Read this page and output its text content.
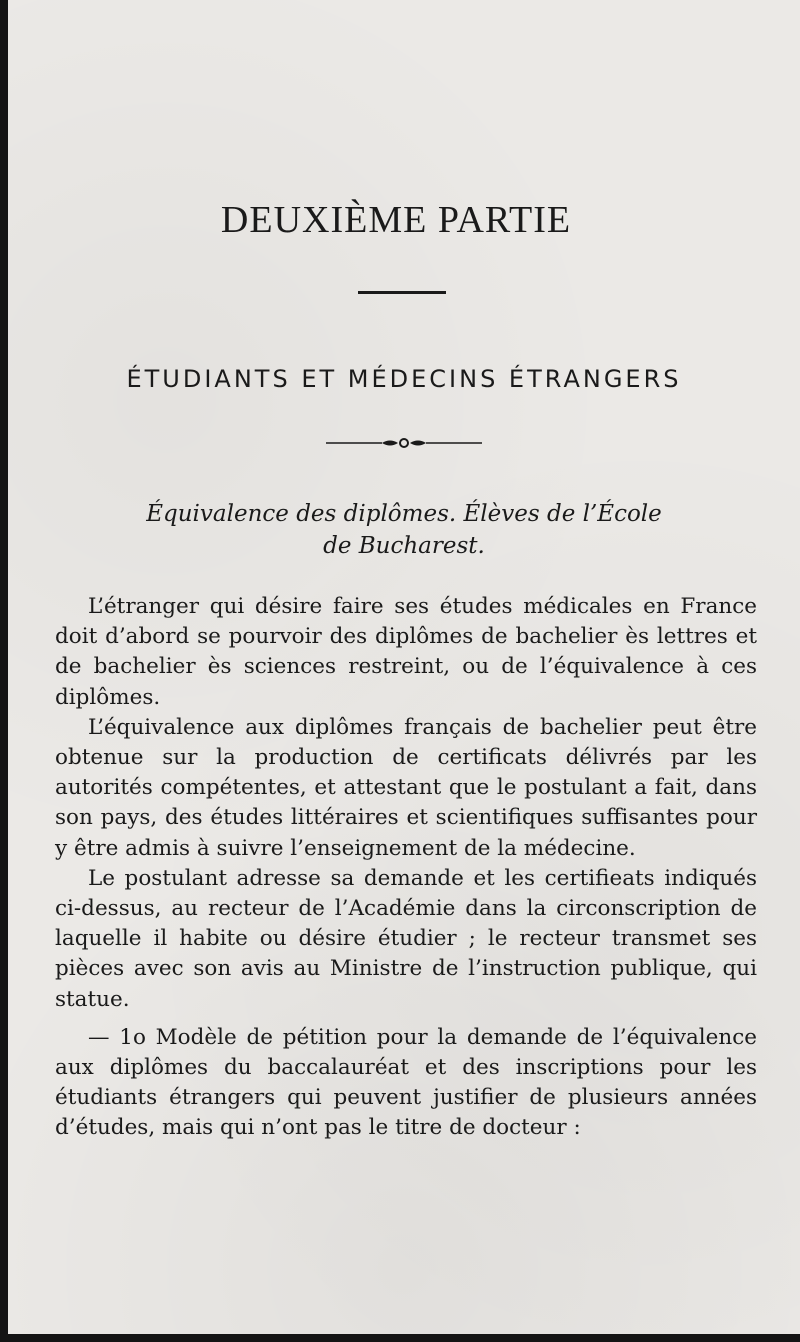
DEUXIÈME PARTIE
ÉTUDIANTS ET MÉDECINS ÉTRANGERS
Équivalence des diplômes. Élèves de l’École
de Bucharest.

L’étranger qui désire faire ses études médicales en France doit d’abord se pourvoir des diplômes de bachelier ès lettres et de bachelier ès sciences restreint, ou de l’équivalence à ces diplômes.

L’équivalence aux diplômes français de bachelier peut être obtenue sur la production de certificats délivrés par les autorités compétentes, et attestant que le postulant a fait, dans son pays, des études littéraires et scientifiques suffisantes pour y être admis à suivre l’enseignement de la médecine.

Le postulant adresse sa demande et les certifieats indiqués ci-dessus, au recteur de l’Académie dans la circonscription de laquelle il habite ou désire étudier ; le recteur transmet ses pièces avec son avis au Ministre de l’instruction publique, qui statue.

— 1o Modèle de pétition pour la demande de l’équivalence aux diplômes du baccalauréat et des inscriptions pour les étudiants étrangers qui peuvent justifier de plusieurs années d’études, mais qui n’ont pas le titre de docteur :
